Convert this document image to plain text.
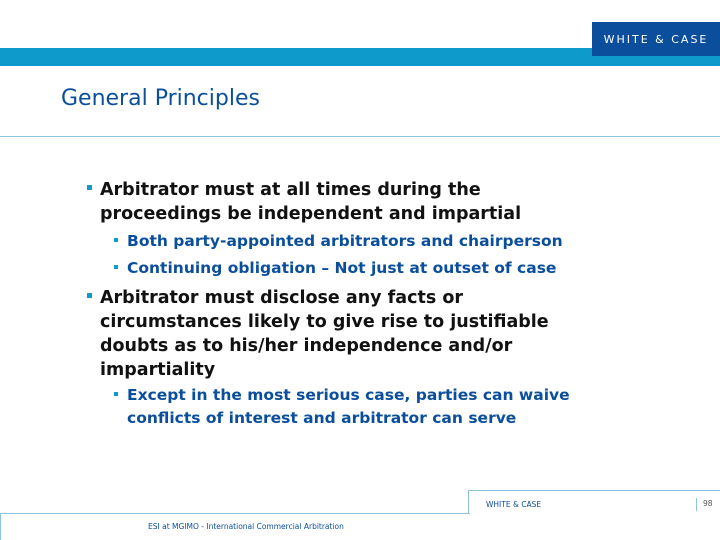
WHITE & CASE
General Principles
Arbitrator must at all times during the
proceedings be independent and impartial
Both party-appointed arbitrators and chairperson
Continuing obligation – Not just at outset of case
Arbitrator must disclose any facts or
circumstances likely to give rise to justifiable
doubts as to his/her independence and/or
impartiality
Except in the most serious case, parties can waive
conflicts of interest and arbitrator can serve
WHITE & CASE	98
ESI at MGIMO - International Commercial Arbitration
